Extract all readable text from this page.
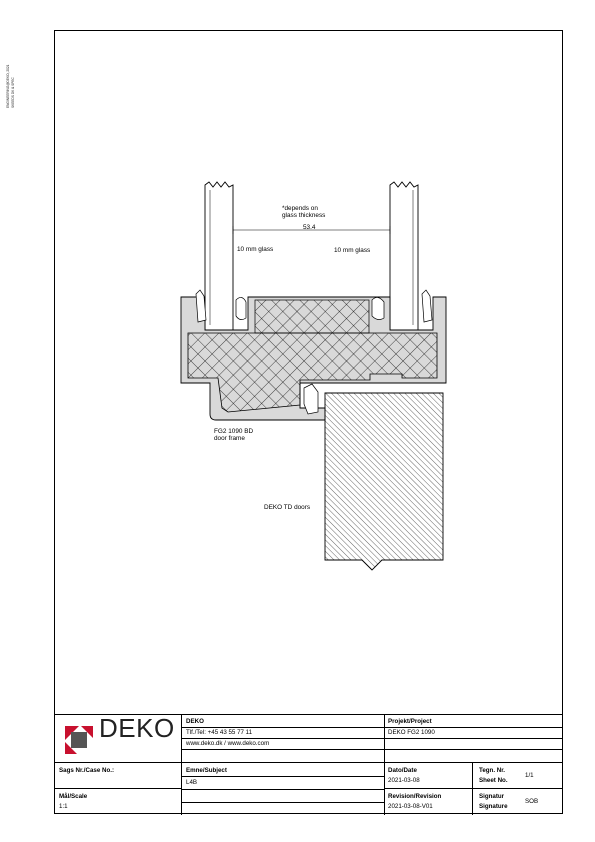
ENGINEERING@DEKO, 2021 SKEEDS DK & SPEC
*depends on
glass thickness
53.4
10 mm glass	10 mm glass
FG2 1090 BD
door frame
DEKO TD doors
DEKO DEKO
Tlf./Tel: +45 43 55 77 11
www.deko.dk / www.deko.com
Projekt/Project
DEKO FG2 1090
Sags Nr./Case No.:	Emne/Subject
L4B
Dato/Date
2021-03-08
Tegn. Nr.
Sheet No.
1/1
Mål/Scale
1:1
Revision/Revision
2021-03-08-V01
Signatur
Signature
SOB
